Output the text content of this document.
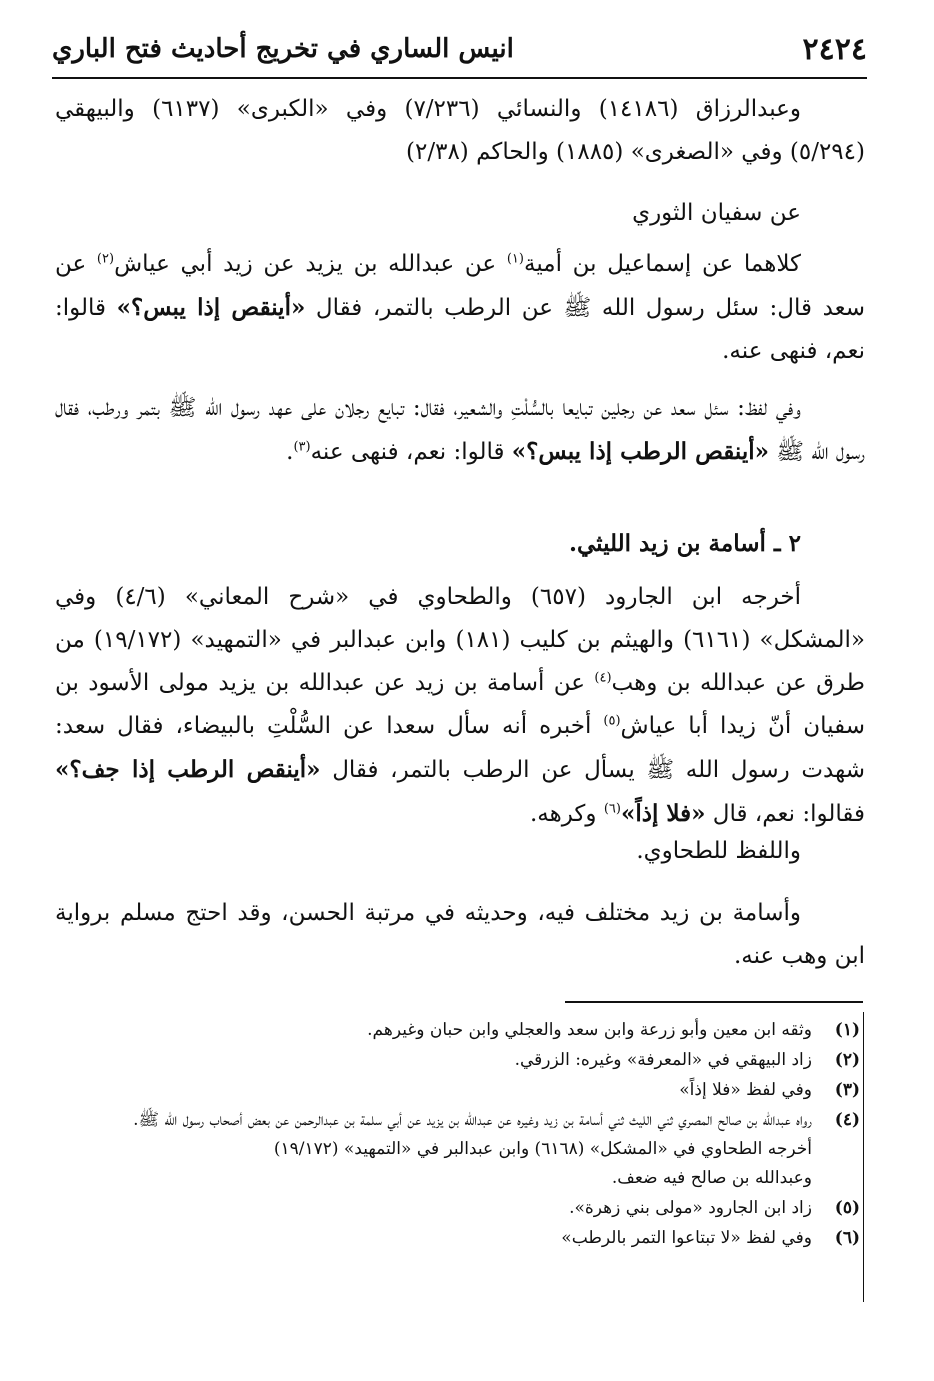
٢٤٢٤
انيس الساري في تخريج أحاديث فتح الباري

وعبدالرزاق (١٤١٨٦) والنسائي (٧/٢٣٦) وفي «الكبرى» (٦١٣٧) والبيهقي (٥/٢٩٤) وفي «الصغرى» (١٨٨٥) والحاكم (٢/٣٨)

عن سفيان الثوري

كلاهما عن إسماعيل بن أمية$^{(١)}$ عن عبدالله بن يزيد عن زيد أبي عياش$^{(٢)}$ عن سعد قال: سئل رسول الله ﷺ عن الرطب بالتمر، فقال «أينقص إذا يبس؟» قالوا: نعم، فنهى عنه.

وفي لفظ: سئل سعد عن رجلين تبايعا بالسُّلْتِ والشعير، فقال: تبايع رجلان على عهد رسول الله ﷺ بتمر ورطب، فقال رسول الله ﷺ «أينقص الرطب إذا يبس؟» قالوا: نعم، فنهى عنه$^{(٣)}$.

٢ ـ أسامة بن زيد الليثي.

أخرجه ابن الجارود (٦٥٧) والطحاوي في «شرح المعاني» (٤/٦) وفي «المشكل» (٦١٦١) والهيثم بن كليب (١٨١) وابن عبدالبر في «التمهيد» (١٩/١٧٢) من طرق عن عبدالله بن وهب$^{(٤)}$ عن أسامة بن زيد عن عبدالله بن يزيد مولى الأسود بن سفيان أنّ زيدا أبا عياش$^{(٥)}$ أخبره أنه سأل سعدا عن السُّلْتِ بالبيضاء، فقال سعد: شهدت رسول الله ﷺ يسأل عن الرطب بالتمر، فقال «أينقص الرطب إذا جف؟» فقالوا: نعم، قال «فلا إذاً»$^{(٦)}$ وكرهه.

واللفظ للطحاوي.

وأسامة بن زيد مختلف فيه، وحديثه في مرتبة الحسن، وقد احتج مسلم برواية ابن وهب عنه.

(١)
وثقه ابن معين وأبو زرعة وابن سعد والعجلي وابن حبان وغيرهم.
(٢)
زاد البيهقي في «المعرفة» وغيره: الزرقي.
(٣)
وفي لفظ «فلا إذاً»
(٤)
رواه عبدالله بن صالح المصري ثني الليث ثني أسامة بن زيد وغيره عن عبدالله بن يزيد عن أبي سلمة بن عبدالرحمن عن بعض أصحاب رسول الله ﷺ.
أخرجه الطحاوي في «المشكل» (٦١٦٨) وابن عبدالبر في «التمهيد» (١٩/١٧٢)
وعبدالله بن صالح فيه ضعف.
(٥)
زاد ابن الجارود «مولى بني زهرة».
(٦)
وفي لفظ «لا تبتاعوا التمر بالرطب»
